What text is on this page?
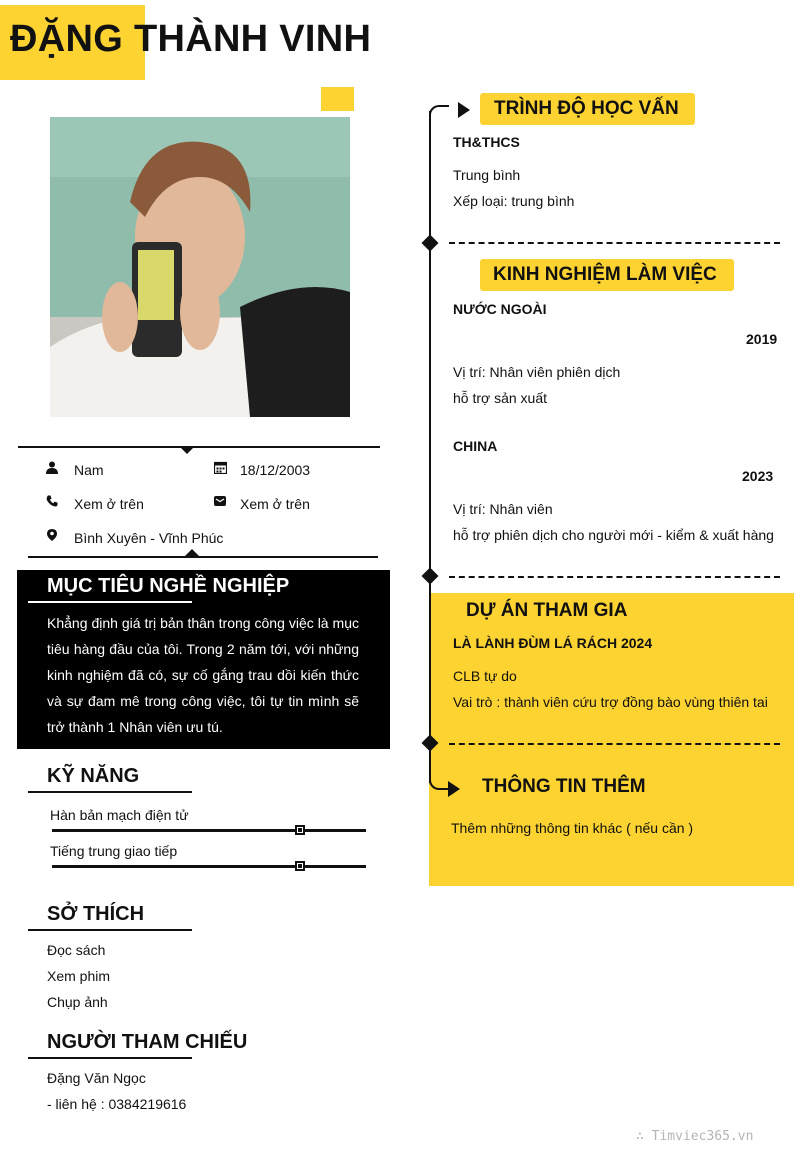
ĐẶNG THÀNH VINH
Nam	18/12/2003
Xem ở trên	Xem ở trên
Bình Xuyên - Vĩnh Phúc
MỤC TIÊU NGHỀ NGHIỆP
Khẳng định giá trị bản thân trong công việc là mục tiêu hàng đầu của tôi. Trong 2 năm tới, với những kinh nghiệm đã có, sự cố gắng trau dồi kiến thức và sự đam mê trong công việc, tôi tự tin mình sẽ trở thành 1 Nhân viên ưu tú.
KỸ NĂNG
Hàn bản mạch điện tử
Tiếng trung giao tiếp
SỞ THÍCH
Đọc sách
Xem phim
Chụp ảnh
NGƯỜI THAM CHIẾU
Đặng Văn Ngọc
- liên hệ : 0384219616
TRÌNH ĐỘ HỌC VẤN
TH&THCS
Trung bình
Xếp loại: trung bình
KINH NGHIỆM LÀM VIỆC
NƯỚC NGOÀI
2019
Vị trí: Nhân viên phiên dịch
hỗ trợ sản xuất
CHINA
2023
Vị trí: Nhân viên
hỗ trợ phiên dịch cho người mới - kiểm & xuất hàng
DỰ ÁN THAM GIA
LÀ LÀNH ĐÙM LÁ RÁCH 2024
CLB tự do
Vai trò : thành viên cứu trợ đồng bào vùng thiên tai
THÔNG TIN THÊM
Thêm những thông tin khác ( nếu cần )
∴ Timviec365.vn
